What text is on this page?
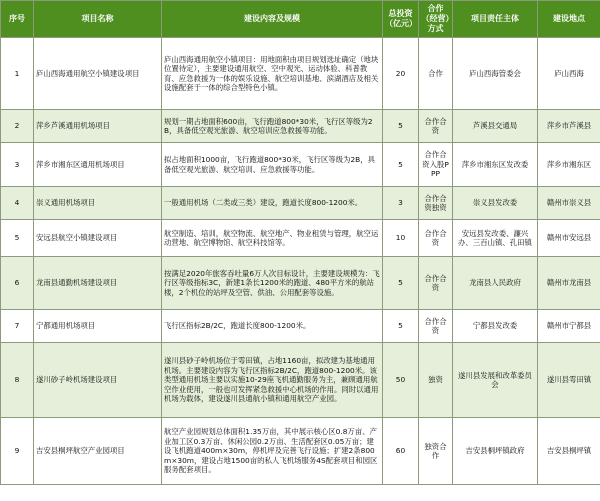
序号	项目名称	建设内容及规模	总投资（亿元）	合作（经营）方式	项目责任主体	建设地点
1	庐山西海通用航空小镇建设项目	庐山西海通用航空小镇项目：用地面积由项目规划选址确定（地块位置待定），主要建设通用航空、空中观光、运动体验、科普教育、应急救援为一体的娱乐设施、航空培训基地、滨湖酒店及相关设施配套于一体的综合型特色小镇。	20	合作	庐山西海管委会	庐山西海
2	萍乡芦溪通用机场项目	规划一期占地面积600亩，飞行跑道800*30米，飞行区等级为2B，具备低空观光旅游、航空培训应急救援等功能。	5	合作合资	芦溪县交通局	萍乡市芦溪县
3	萍乡市湘东区通用机场项目	拟占地面积1000亩，飞行跑道800*30米，飞行区等级为2B，具备低空观光旅游、航空培训、应急救援等功能。	5	合作合资入股PPP	萍乡市湘东区发改委	萍乡市湘东区
4	崇义通用机场项目	一般通用机场（二类或三类）建设，跑道长度800-1200米。	3	合作合资独资	崇义县发改委	赣州市崇义县
5	安远县航空小镇建设项目	航空制造、培训，航空物流、航空地产、物业租赁与管理，航空运动营地、航空博物馆、航空科技馆等。	10	合作合资	安远县发改委、濂兴办、三百山镇、孔田镇	赣州市安远县
6	龙南县通勤机场建设项目	按满足2020年旅客吞吐量6万人次目标设计，主要建设规模为：飞行区等级指标3C，新建1条长1200米的跑道、480平方米的航站楼，2个机位的站坪及空管、供油、公用配套等设施。	5	合作合资	龙南县人民政府	赣州市龙南县
7	宁都通用机场项目	飞行区指标2B/2C，跑道长度800-1200米。	5	合作合资	宁都县发改委	赣州市宁都县
8	遂川砂子岭机场建设项目	遂川县砂子岭机场位于雩田镇，占地1160亩，拟改建为基地通用机场。主要建设内容为飞行区指标2B/2C，跑道800-1200米。该类型通用机场主要以实施10-29座飞机通勤服务为主，兼顾通用航空作业使用，一般也可发挥紧急救援中心机场的作用。同时以通用机场为载体，建设遂川县通航小镇和通用航空产业园。	50	独资	遂川县发展和改革委员会	遂川县雩田镇
9	吉安县桐坪航空产业园项目	航空产业园规划总体面积1.35万亩，其中展示核心区0.8万亩、产业加工区0.3万亩、休闲公园0.2万亩、生活配套区0.05万亩；建设飞机跑道400m×30m，停机坪及完善飞行设施；扩建2条800m×30m，建设占地1500亩的私人飞机场服务4S配套项目和园区服务配套项目。	60	独资合作	吉安县桐坪镇政府	吉安县桐坪镇
